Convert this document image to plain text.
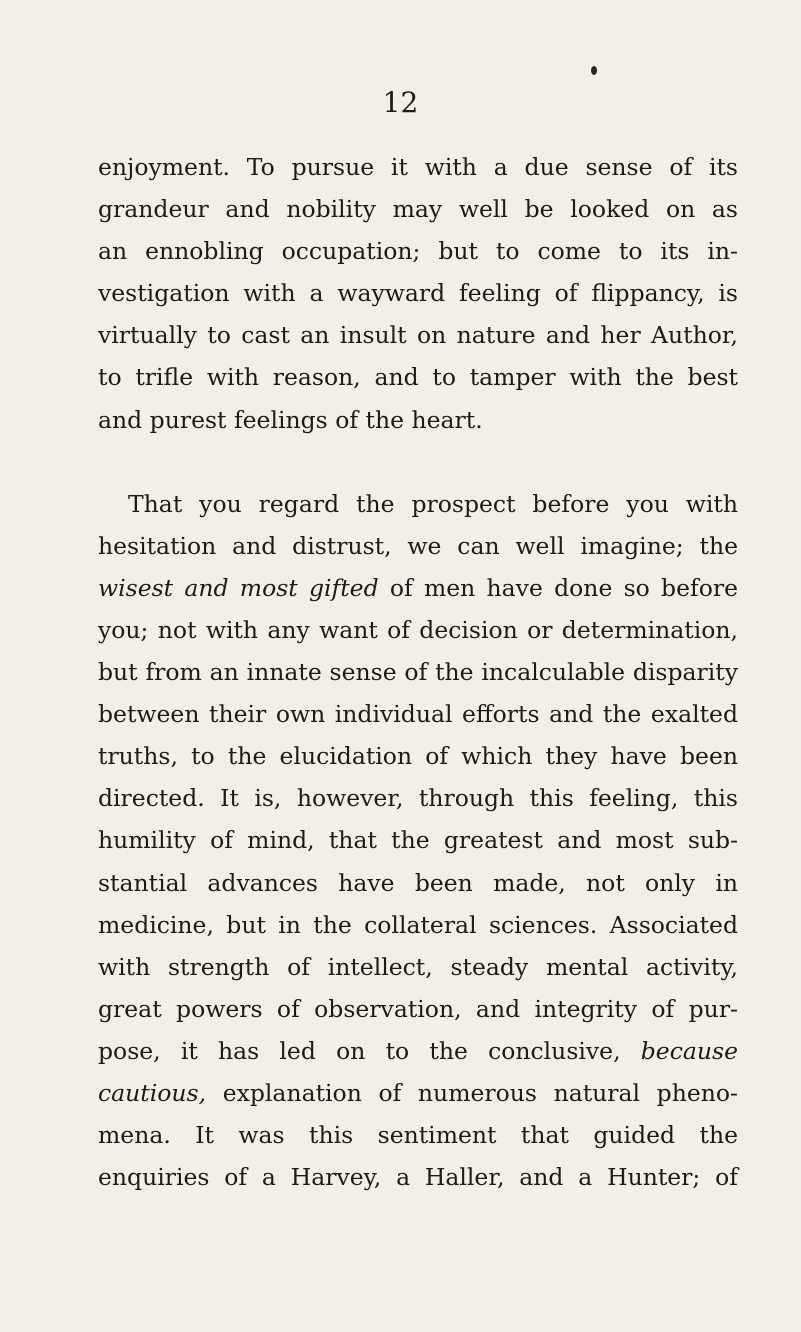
12
enjoyment. To pursue it with a due sense of its
grandeur and nobility may well be looked on as
an ennobling occupation; but to come to its in-
vestigation with a wayward feeling of flippancy, is
virtually to cast an insult on nature and her Author,
to trifle with reason, and to tamper with the best
and purest feelings of the heart.
That you regard the prospect before you with
hesitation and distrust, we can well imagine; the
wisest and most gifted of men have done so before
you; not with any want of decision or determination,
but from an innate sense of the incalculable disparity
between their own individual efforts and the exalted
truths, to the elucidation of which they have been
directed. It is, however, through this feeling, this
humility of mind, that the greatest and most sub-
stantial advances have been made, not only in
medicine, but in the collateral sciences. Associated
with strength of intellect, steady mental activity,
great powers of observation, and integrity of pur-
pose, it has led on to the conclusive, because
cautious, explanation of numerous natural pheno-
mena. It was this sentiment that guided the
enquiries of a Harvey, a Haller, and a Hunter; of
